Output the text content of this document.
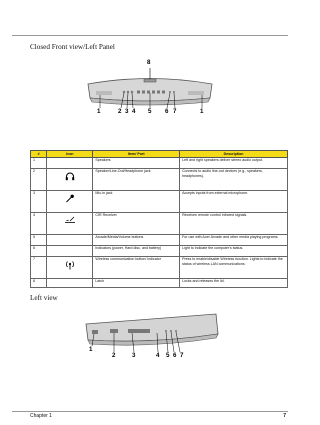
Closed Front view/Left Panel
8
1	2 3 4 5 6 7	1
#	Icon	Item/ Port	Description
1		Speakers	Left and right speakers deliver stereo audio output.
2		Speaker/Line-Out/Headphone jack	Connects to audio line-out devices (e.g., speakers, headphones).
3		Mic-in jack	Accepts inputs from external microphone.
4		CIR Receiver	Receives remote control infrared signals.
5		Arcade/Media/Volume buttons	For use with Acer Arcade and other media playing programs.
6		Indicators (power, Hard disc, and battery)	Light to indicate the computer's status.
7		Wireless communication button/ indicator	Press to enable/disable Wireless function. Lights to indicate the status of wireless LAN communications.
8		Latch	Locks and releases the lid.
Left view
1
2	3	4 5 6 7
Chapter 1	7
